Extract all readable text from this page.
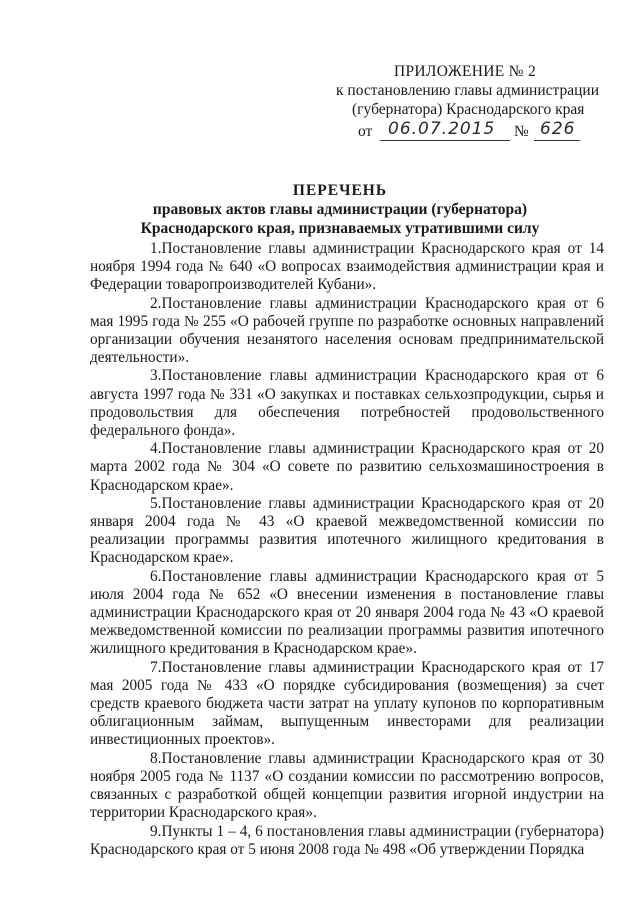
ПРИЛОЖЕНИЕ № 2
к постановлению главы администрации
(губернатора) Краснодарского края
от 06.07.2015 № 626
ПЕРЕЧЕНЬ
правовых актов главы администрации (губернатора)
Краснодарского края, признаваемых утратившими силу

1.Постановление главы администрации Краснодарского края от 14 ноября 1994 года № 640 «О вопросах взаимодействия администрации края и Федерации товаропроизводителей Кубани».

2.Постановление главы администрации Краснодарского края от 6 мая 1995 года № 255 «О рабочей группе по разработке основных направлений организации обучения незанятого населения основам предпринимательской деятельности».

3.Постановление главы администрации Краснодарского края от 6 августа 1997 года № 331 «О закупках и поставках сельхозпродукции, сырья и продовольствия для обеспечения потребностей продовольственного федерального фонда».

4.Постановление главы администрации Краснодарского края от 20 марта 2002 года № 304 «О совете по развитию сельхозмашиностроения в Краснодарском крае».

5.Постановление главы администрации Краснодарского края от 20 января 2004 года № 43 «О краевой межведомственной комиссии по реализации программы развития ипотечного жилищного кредитования в Краснодарском крае».

6.Постановление главы администрации Краснодарского края от 5 июля 2004 года № 652 «О внесении изменения в постановление главы администрации Краснодарского края от 20 января 2004 года № 43 «О краевой межведомственной комиссии по реализации программы развития ипотечного жилищного кредитования в Краснодарском крае».

7.Постановление главы администрации Краснодарского края от 17 мая 2005 года № 433 «О порядке субсидирования (возмещения) за счет средств краевого бюджета части затрат на уплату купонов по корпоративным облигационным займам, выпущенным инвесторами для реализации инвестиционных проектов».

8.Постановление главы администрации Краснодарского края от 30 ноября 2005 года № 1137 «О создании комиссии по рассмотрению вопросов, связанных с разработкой общей концепции развития игорной индустрии на территории Краснодарского края».

9.Пункты 1 – 4, 6 постановления главы администрации (губернатора) Краснодарского края от 5 июня 2008 года № 498 «Об утверждении Порядка
